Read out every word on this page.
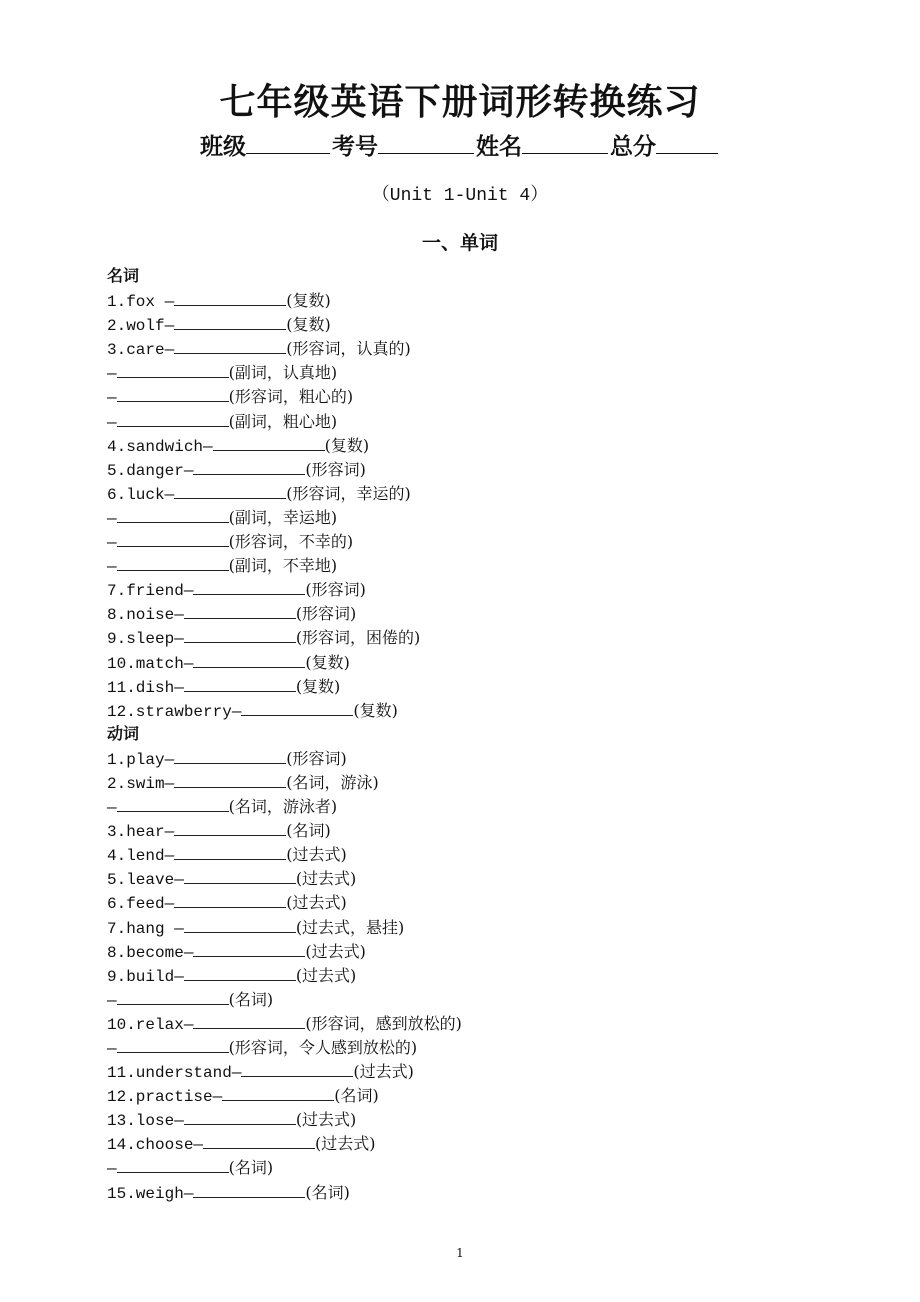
七年级英语下册词形转换练习
班级	考号	姓名	总分
（Unit 1-Unit 4）
一、单词
名词
1.fox —	(复数)
2.wolf—	(复数)
3.care—	(形容词，认真的)
—	(副词，认真地)
—	(形容词，粗心的)
—	(副词，粗心地)
4.sandwich—	(复数)
5.danger—	(形容词)
6.luck—	(形容词，幸运的)
—	(副词，幸运地)
—	(形容词，不幸的)
—	(副词，不幸地)
7.friend—	(形容词)
8.noise—	(形容词)
9.sleep—	(形容词，困倦的)
10.match—	(复数)
11.dish—	(复数)
12.strawberry—	(复数)
动词
1.play—	(形容词)
2.swim—	(名词，游泳)
—	(名词，游泳者)
3.hear—	(名词)
4.lend—	(过去式)
5.leave—	(过去式)
6.feed—	(过去式)
7.hang —	(过去式，悬挂)
8.become—	(过去式)
9.build—	(过去式)
—	(名词)
10.relax—	(形容词，感到放松的)
—	(形容词，令人感到放松的)
11.understand—	(过去式)
12.practise—	(名词)
13.lose—	(过去式)
14.choose—	(过去式)
—	(名词)
15.weigh—	(名词)
1
